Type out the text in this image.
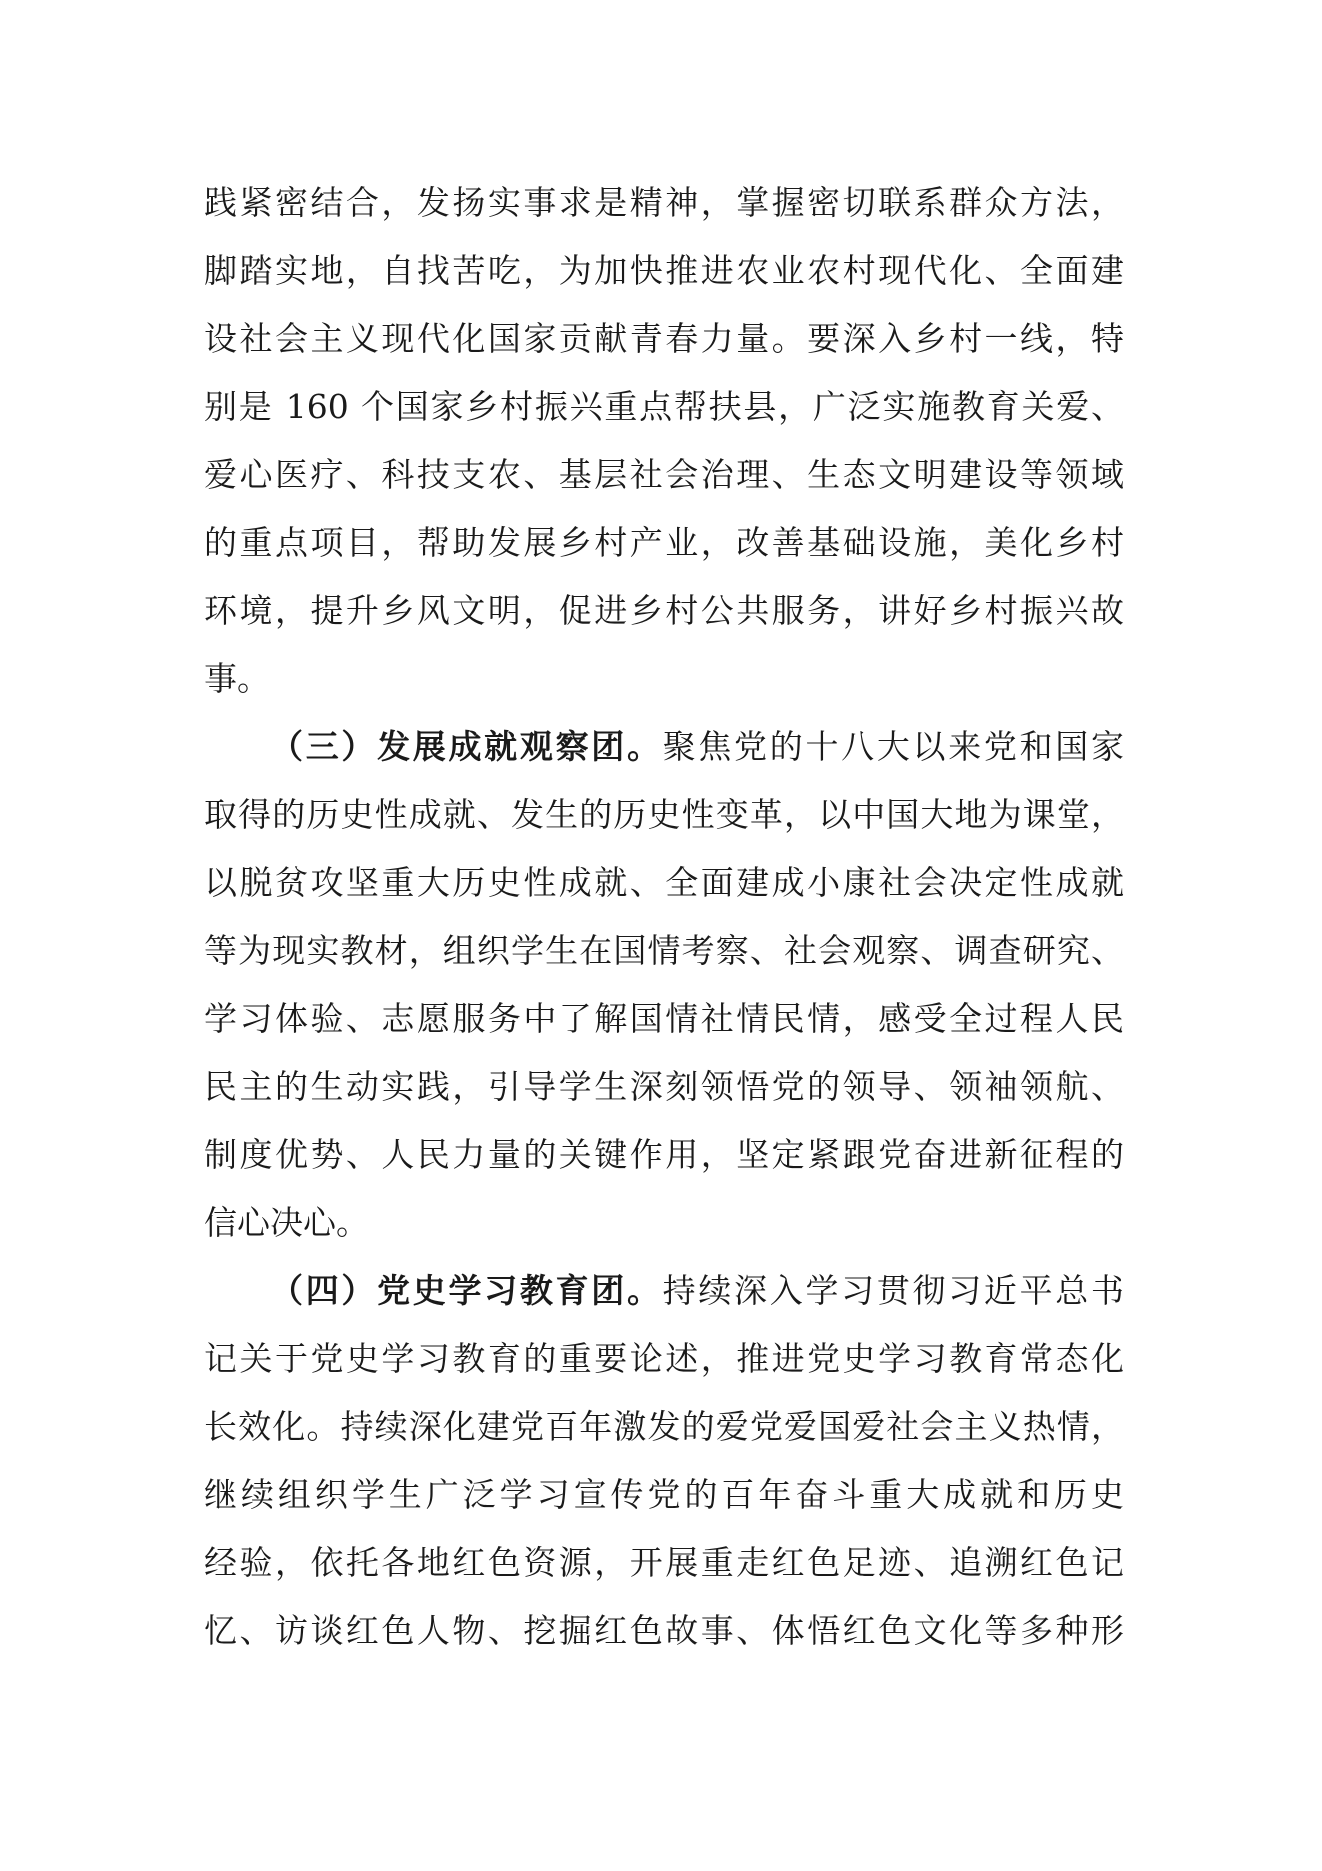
践紧密结合，发扬实事求是精神，掌握密切联系群众方法，
脚踏实地，自找苦吃，为加快推进农业农村现代化、全面建
设社会主义现代化国家贡献青春力量。要深入乡村一线，特
别是 160 个国家乡村振兴重点帮扶县，广泛实施教育关爱、
爱心医疗、科技支农、基层社会治理、生态文明建设等领域
的重点项目，帮助发展乡村产业，改善基础设施，美化乡村
环境，提升乡风文明，促进乡村公共服务，讲好乡村振兴故
事。
（三）发展成就观察团。聚焦党的十八大以来党和国家
取得的历史性成就、发生的历史性变革，以中国大地为课堂，
以脱贫攻坚重大历史性成就、全面建成小康社会决定性成就
等为现实教材，组织学生在国情考察、社会观察、调查研究、
学习体验、志愿服务中了解国情社情民情，感受全过程人民
民主的生动实践，引导学生深刻领悟党的领导、领袖领航、
制度优势、人民力量的关键作用，坚定紧跟党奋进新征程的
信心决心。
（四）党史学习教育团。持续深入学习贯彻习近平总书
记关于党史学习教育的重要论述，推进党史学习教育常态化
长效化。持续深化建党百年激发的爱党爱国爱社会主义热情，
继续组织学生广泛学习宣传党的百年奋斗重大成就和历史
经验，依托各地红色资源，开展重走红色足迹、追溯红色记
忆、访谈红色人物、挖掘红色故事、体悟红色文化等多种形
